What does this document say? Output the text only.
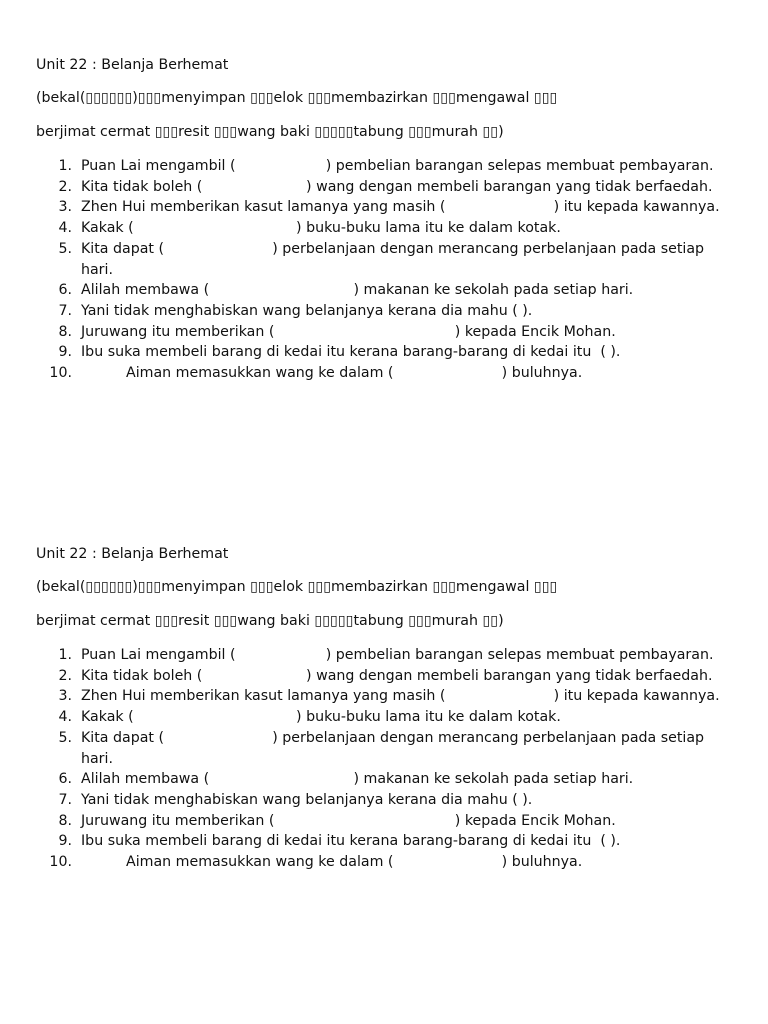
Unit 22 : Belanja Berhemat
(bekal(▯▯▯▯▯▯)▯▯▯menyimpan ▯▯▯elok ▯▯▯membazirkan ▯▯▯mengawal ▯▯▯
berjimat cermat ▯▯▯resit ▯▯▯wang baki ▯▯▯▯▯tabung ▯▯▯murah ▯▯)
1. Puan Lai mengambil (                    ) pembelian barangan selepas membuat pembayaran.
2. Kita tidak boleh (                       ) wang dengan membeli barangan yang tidak berfaedah.
3. Zhen Hui memberikan kasut lamanya yang masih (                        ) itu kepada kawannya.
4. Kakak (                                    ) buku-buku lama itu ke dalam kotak.
5. Kita dapat (                        ) perbelanjaan dengan merancang perbelanjaan pada setiap hari.
6. Alilah membawa (                                ) makanan ke sekolah pada setiap hari.
7. Yani tidak menghabiskan wang belanjanya kerana dia mahu ( ).
8. Juruwang itu memberikan (                                        ) kepada Encik Mohan.
9. Ibu suka membeli barang di kedai itu kerana barang-barang di kedai itu  ( ).
10.	Aiman memasukkan wang ke dalam (                        ) buluhnya.
Unit 22 : Belanja Berhemat
(bekal(▯▯▯▯▯▯)▯▯▯menyimpan ▯▯▯elok ▯▯▯membazirkan ▯▯▯mengawal ▯▯▯
berjimat cermat ▯▯▯resit ▯▯▯wang baki ▯▯▯▯▯tabung ▯▯▯murah ▯▯)
1. Puan Lai mengambil (                    ) pembelian barangan selepas membuat pembayaran.
2. Kita tidak boleh (                       ) wang dengan membeli barangan yang tidak berfaedah.
3. Zhen Hui memberikan kasut lamanya yang masih (                        ) itu kepada kawannya.
4. Kakak (                                    ) buku-buku lama itu ke dalam kotak.
5. Kita dapat (                        ) perbelanjaan dengan merancang perbelanjaan pada setiap hari.
6. Alilah membawa (                                ) makanan ke sekolah pada setiap hari.
7. Yani tidak menghabiskan wang belanjanya kerana dia mahu ( ).
8. Juruwang itu memberikan (                                        ) kepada Encik Mohan.
9. Ibu suka membeli barang di kedai itu kerana barang-barang di kedai itu  ( ).
10.	Aiman memasukkan wang ke dalam (                        ) buluhnya.
